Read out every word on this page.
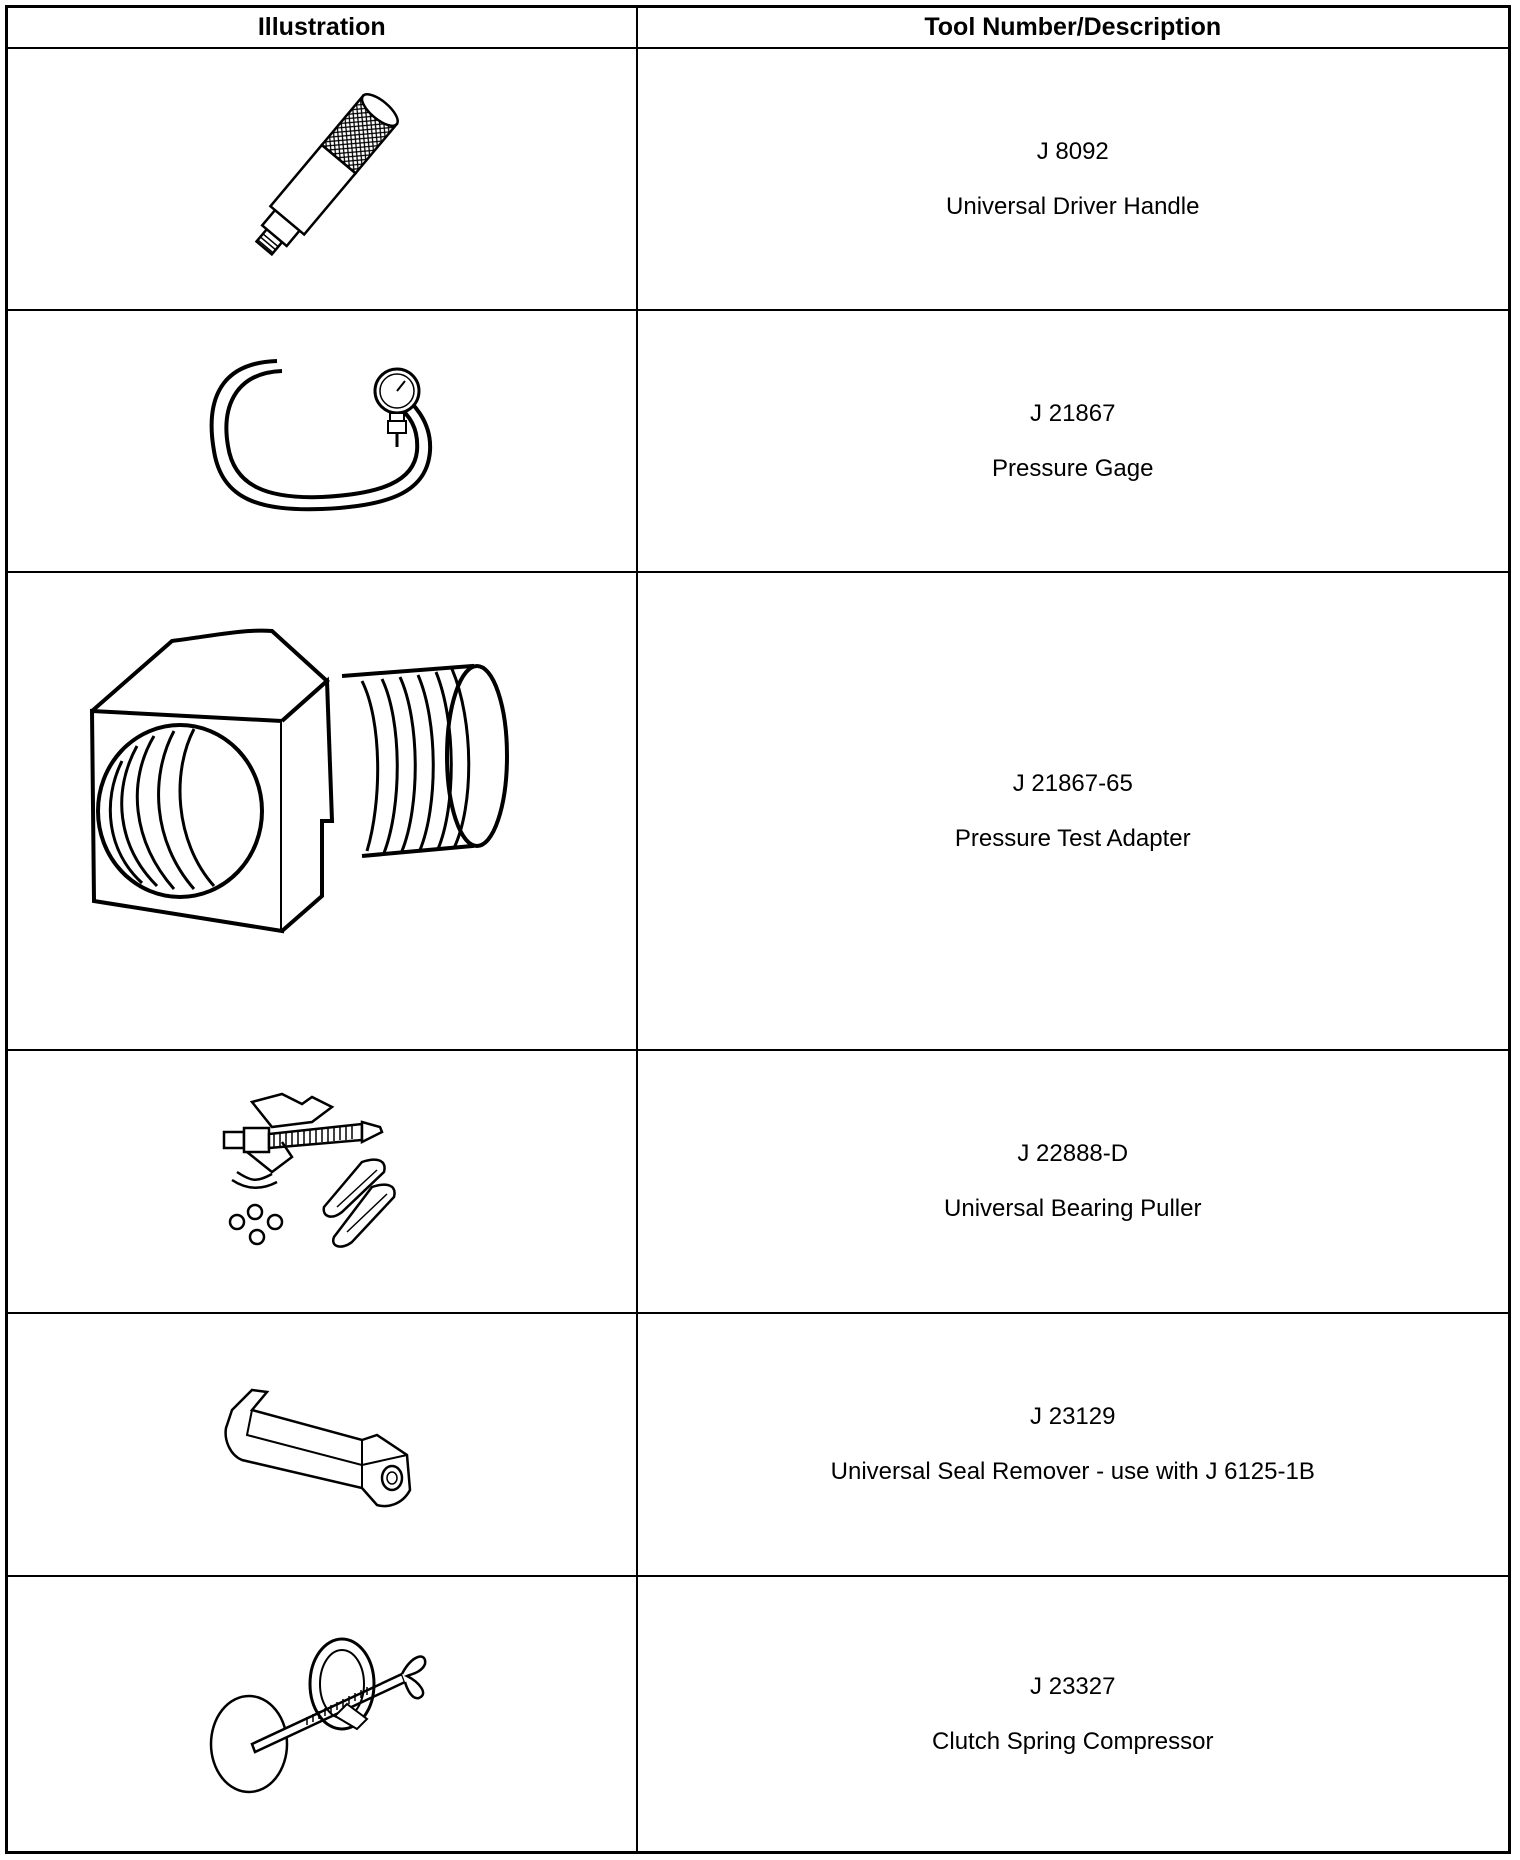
Illustration	Tool Number/Description

J 8092
Universal Driver Handle

J 21867
Pressure Gage

J 21867-65
Pressure Test Adapter

J 22888-D
Universal Bearing Puller

J 23129
Universal Seal Remover - use with J 6125-1B

J 23327
Clutch Spring Compressor
